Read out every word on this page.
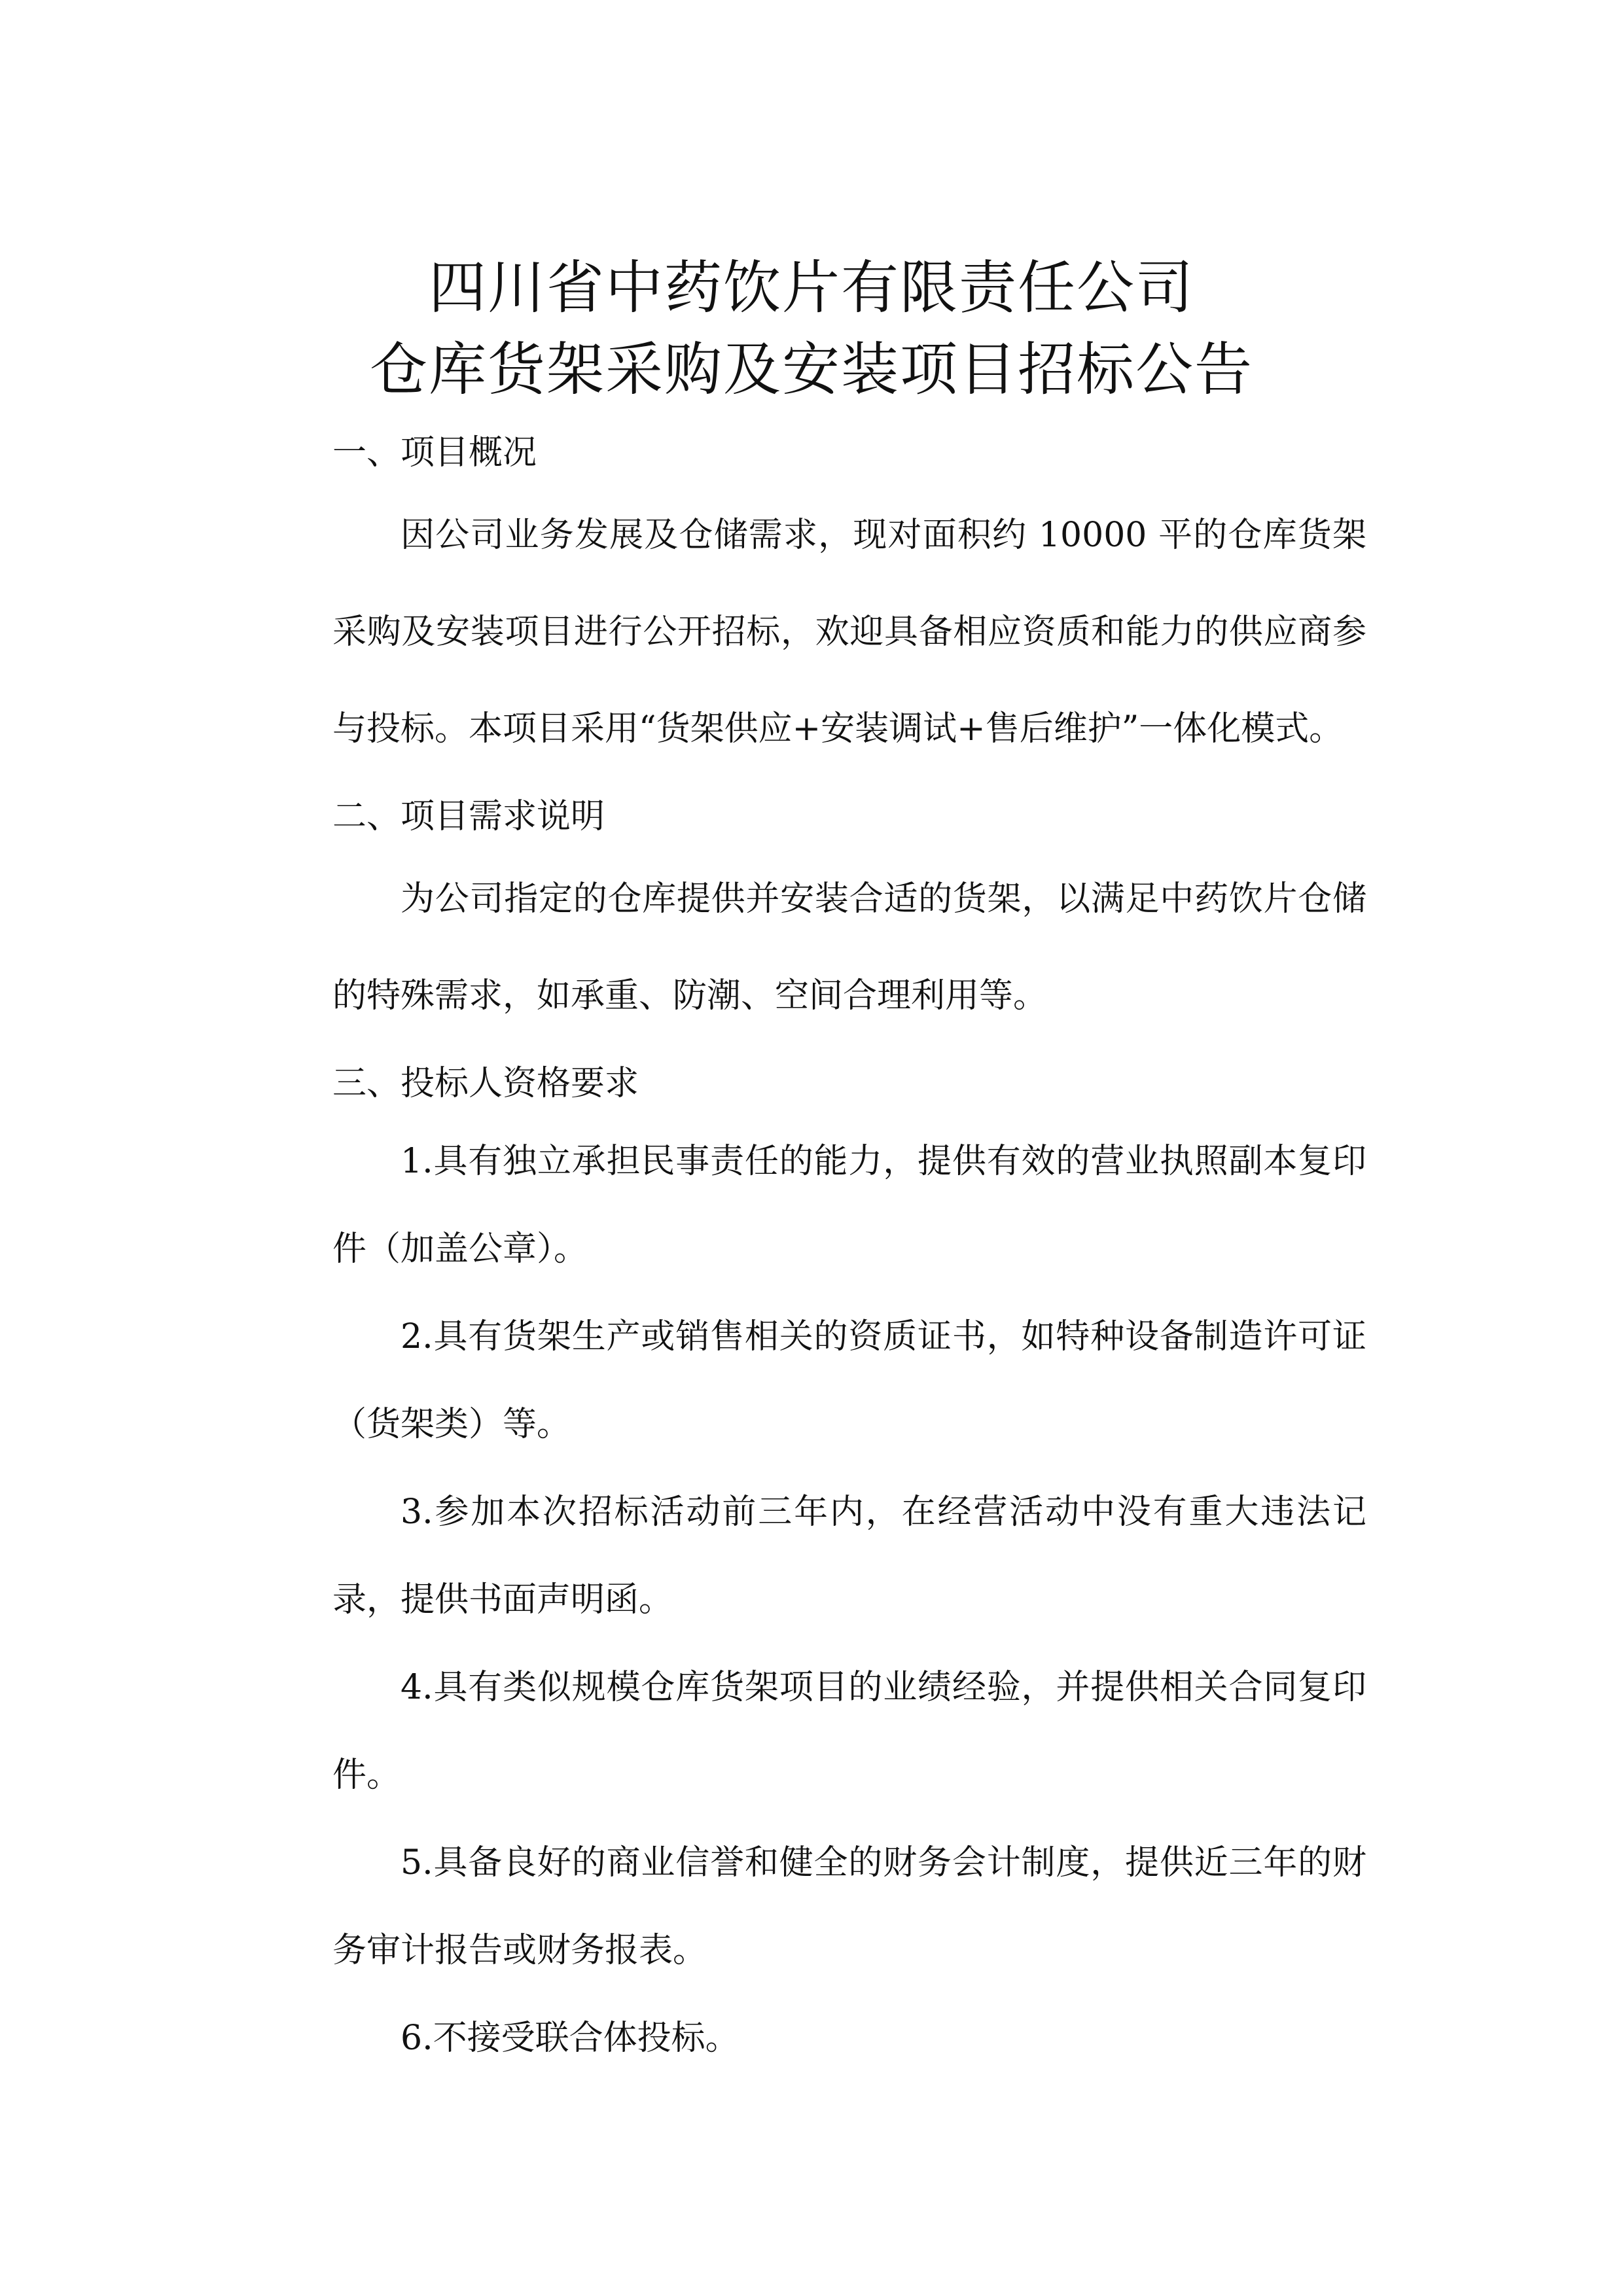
四川省中药饮片有限责任公司
仓库货架采购及安装项目招标公告

一、项目概况

因公司业务发展及仓储需求，现对面积约 10000 平的仓库货架采购及安装项目进行公开招标，欢迎具备相应资质和能力的供应商参与投标。本项目采用“货架供应+安装调试+售后维护”一体化模式。

二、项目需求说明

为公司指定的仓库提供并安装合适的货架，以满足中药饮片仓储的特殊需求，如承重、防潮、空间合理利用等。

三、投标人资格要求

1.具有独立承担民事责任的能力，提供有效的营业执照副本复印件（加盖公章）。

2.具有货架生产或销售相关的资质证书，如特种设备制造许可证（货架类）等。

3.参加本次招标活动前三年内，在经营活动中没有重大违法记录，提供书面声明函。

4.具有类似规模仓库货架项目的业绩经验，并提供相关合同复印件。

5.具备良好的商业信誉和健全的财务会计制度，提供近三年的财务审计报告或财务报表。

6.不接受联合体投标。
